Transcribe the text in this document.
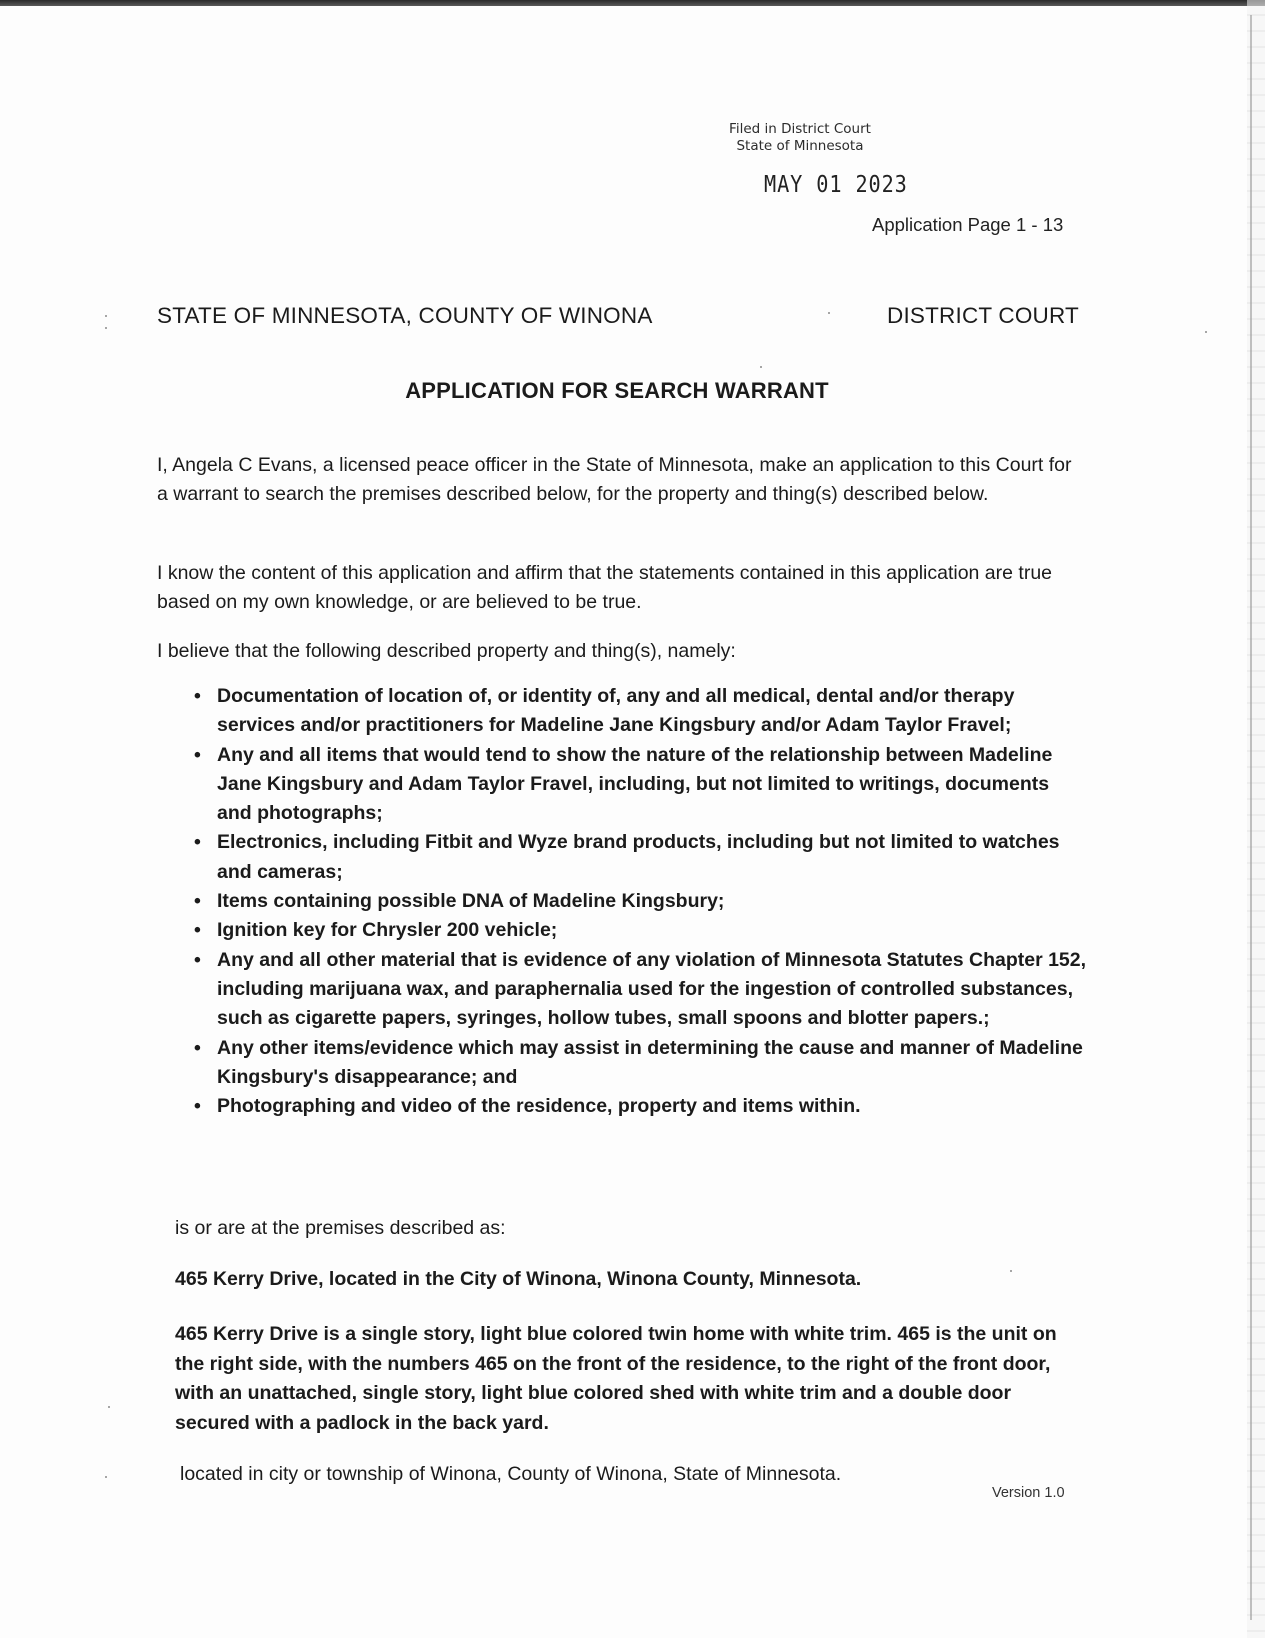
Filed in District Court
State of Minnesota
MAY 01 2023
Application Page 1 - 13
STATE OF MINNESOTA, COUNTY OF WINONA	DISTRICT COURT
APPLICATION FOR SEARCH WARRANT
I, Angela C Evans, a licensed peace officer in the State of Minnesota, make an application to this Court for a warrant to search the premises described below, for the property and thing(s) described below.
I know the content of this application and affirm that the statements contained in this application are true based on my own knowledge, or are believed to be true.
I believe that the following described property and thing(s), namely:
• Documentation of location of, or identity of, any and all medical, dental and/or therapy services and/or practitioners for Madeline Jane Kingsbury and/or Adam Taylor Fravel;
• Any and all items that would tend to show the nature of the relationship between Madeline Jane Kingsbury and Adam Taylor Fravel, including, but not limited to writings, documents and photographs;
• Electronics, including Fitbit and Wyze brand products, including but not limited to watches and cameras;
• Items containing possible DNA of Madeline Kingsbury;
• Ignition key for Chrysler 200 vehicle;
• Any and all other material that is evidence of any violation of Minnesota Statutes Chapter 152, including marijuana wax, and paraphernalia used for the ingestion of controlled substances, such as cigarette papers, syringes, hollow tubes, small spoons and blotter papers.;
• Any other items/evidence which may assist in determining the cause and manner of Madeline Kingsbury's disappearance; and
• Photographing and video of the residence, property and items within.
is or are at the premises described as:
465 Kerry Drive, located in the City of Winona, Winona County, Minnesota.
465 Kerry Drive is a single story, light blue colored twin home with white trim. 465 is the unit on the right side, with the numbers 465 on the front of the residence, to the right of the front door, with an unattached, single story, light blue colored shed with white trim and a double door secured with a padlock in the back yard.
located in city or township of Winona, County of Winona, State of Minnesota.
Version 1.0
